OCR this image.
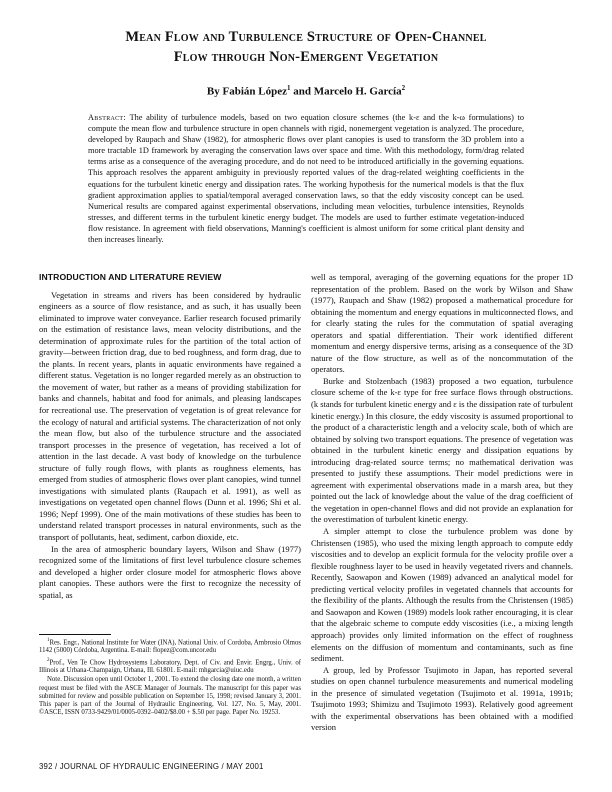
Mean Flow and Turbulence Structure of Open-Channel
Flow through Non-Emergent Vegetation
By Fabián López$^1$ and Marcelo H. García$^2$
Abstract: The ability of turbulence models, based on two equation closure schemes (the k-ε and the k-ω formulations) to compute the mean flow and turbulence structure in open channels with rigid, nonemergent vegetation is analyzed. The procedure, developed by Raupach and Shaw (1982), for atmospheric flows over plant canopies is used to transform the 3D problem into a more tractable 1D framework by averaging the conservation laws over space and time. With this methodology, form/drag related terms arise as a consequence of the averaging procedure, and do not need to be introduced artificially in the governing equations. This approach resolves the apparent ambiguity in previously reported values of the drag-related weighting coefficients in the equations for the turbulent kinetic energy and dissipation rates. The working hypothesis for the numerical models is that the flux gradient approximation applies to spatial/temporal averaged conservation laws, so that the eddy viscosity concept can be used. Numerical results are compared against experimental observations, including mean velocities, turbulence intensities, Reynolds stresses, and different terms in the turbulent kinetic energy budget. The models are used to further estimate vegetation-induced flow resistance. In agreement with field observations, Manning's coefficient is almost uniform for some critical plant density and then increases linearly.
INTRODUCTION AND LITERATURE REVIEW

Vegetation in streams and rivers has been considered by hydraulic engineers as a source of flow resistance, and as such, it has usually been eliminated to improve water conveyance. Earlier research focused primarily on the estimation of resistance laws, mean velocity distributions, and the determination of approximate rules for the partition of the total action of gravity—between friction drag, due to bed roughness, and form drag, due to the plants. In recent years, plants in aquatic environments have regained a different status. Vegetation is no longer regarded merely as an obstruction to the movement of water, but rather as a means of providing stabilization for banks and channels, habitat and food for animals, and pleasing landscapes for recreational use. The preservation of vegetation is of great relevance for the ecology of natural and artificial systems. The characterization of not only the mean flow, but also of the turbulence structure and the associated transport processes in the presence of vegetation, has received a lot of attention in the last decade. A vast body of knowledge on the turbulence structure of fully rough flows, with plants as roughness elements, has emerged from studies of atmospheric flows over plant canopies, wind tunnel investigations with simulated plants (Raupach et al. 1991), as well as investigations on vegetated open channel flows (Dunn et al. 1996; Shi et al. 1996; Nepf 1999). One of the main motivations of these studies has been to understand related transport processes in natural environments, such as the transport of pollutants, heat, sediment, carbon dioxide, etc.

In the area of atmospheric boundary layers, Wilson and Shaw (1977) recognized some of the limitations of first level turbulence closure schemes and developed a higher order closure model for atmospheric flows above plant canopies. These authors were the first to recognize the necessity of spatial, as

$^1$Res. Engr., National Institute for Water (INA), National Univ. of Cordoba, Ambrosio Olmos 1142 (5000) Córdoba, Argentina. E-mail: flopez@com.uncor.edu

$^2$Prof., Ven Te Chow Hydrosystems Laboratory, Dept. of Civ. and Envir. Engrg., Univ. of Illinois at Urbana-Champaign, Urbana, Ill. 61801. E-mail: mhgarcia@uiuc.edu

Note. Discussion open until October 1, 2001. To extend the closing date one month, a written request must be filed with the ASCE Manager of Journals. The manuscript for this paper was submitted for review and possible publication on September 15, 1998; revised January 3, 2001. This paper is part of the Journal of Hydraulic Engineering, Vol. 127, No. 5, May, 2001. ©ASCE, ISSN 0733-9429/01/0005-0392–0402/$8.00 + $.50 per page. Paper No. 19253.

well as temporal, averaging of the governing equations for the proper 1D representation of the problem. Based on the work by Wilson and Shaw (1977), Raupach and Shaw (1982) proposed a mathematical procedure for obtaining the momentum and energy equations in multiconnected flows, and for clearly stating the rules for the commutation of spatial averaging operators and spatial differentiation. Their work identified different momentum and energy dispersive terms, arising as a consequence of the 3D nature of the flow structure, as well as of the noncommutation of the operators.

Burke and Stolzenbach (1983) proposed a two equation, turbulence closure scheme of the k-ε type for free surface flows through obstructions. (k stands for turbulent kinetic energy and ε is the dissipation rate of turbulent kinetic energy.) In this closure, the eddy viscosity is assumed proportional to the product of a characteristic length and a velocity scale, both of which are obtained by solving two transport equations. The presence of vegetation was obtained in the turbulent kinetic energy and dissipation equations by introducing drag-related source terms; no mathematical derivation was presented to justify these assumptions. Their model predictions were in agreement with experimental observations made in a marsh area, but they pointed out the lack of knowledge about the value of the drag coefficient of the vegetation in open-channel flows and did not provide an explanation for the overestimation of turbulent kinetic energy.

A simpler attempt to close the turbulence problem was done by Christensen (1985), who used the mixing length approach to compute eddy viscosities and to develop an explicit formula for the velocity profile over a flexible roughness layer to be used in heavily vegetated rivers and channels. Recently, Saowapon and Kowen (1989) advanced an analytical model for predicting vertical velocity profiles in vegetated channels that accounts for the flexibility of the plants. Although the results from the Christensen (1985) and Saowapon and Kowen (1989) models look rather encouraging, it is clear that the algebraic scheme to compute eddy viscosities (i.e., a mixing length approach) provides only limited information on the effect of roughness elements on the diffusion of momentum and contaminants, such as fine sediment.

A group, led by Professor Tsujimoto in Japan, has reported several studies on open channel turbulence measurements and numerical modeling in the presence of simulated vegetation (Tsujimoto et al. 1991a, 1991b; Tsujimoto 1993; Shimizu and Tsujimoto 1993). Relatively good agreement with the experimental observations has been obtained with a modified version

392 / JOURNAL OF HYDRAULIC ENGINEERING / MAY 2001
